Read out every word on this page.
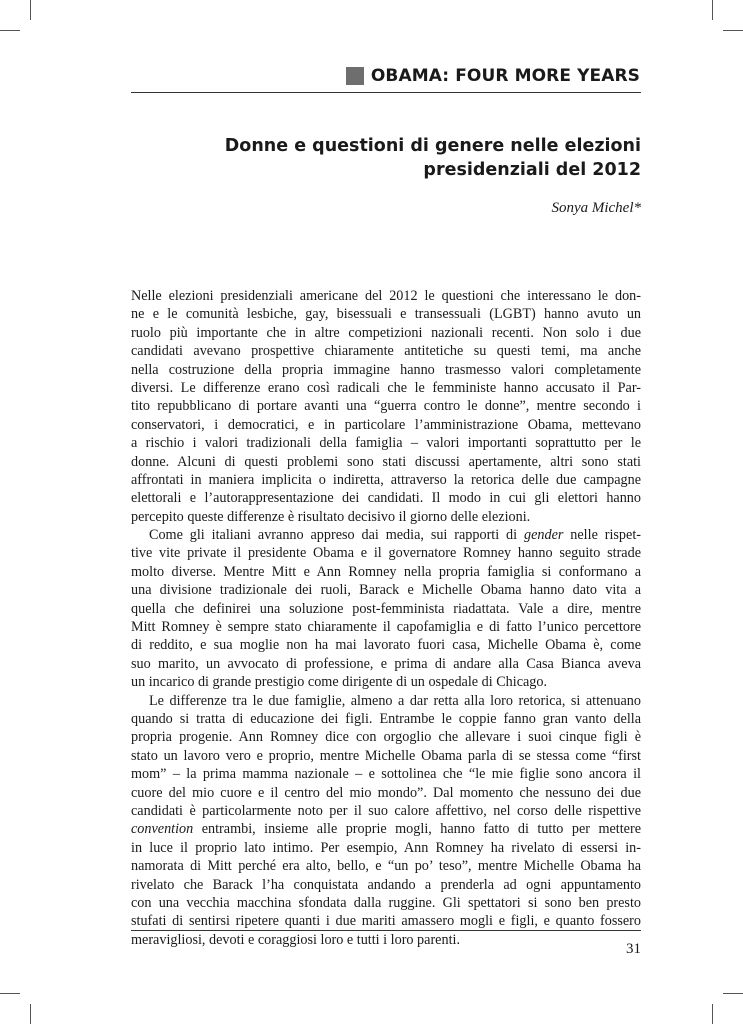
OBAMA: FOUR MORE YEARS
Donne e questioni di genere nelle elezioni
presidenziali del 2012
Sonya Michel*

Nelle elezioni presidenziali americane del 2012 le questioni che interessano le don-
ne e le comunità lesbiche, gay, bisessuali e transessuali (LGBT) hanno avuto un
ruolo più importante che in altre competizioni nazionali recenti. Non solo i due
candidati avevano prospettive chiaramente antitetiche su questi temi, ma anche
nella costruzione della propria immagine hanno trasmesso valori completamente
diversi. Le differenze erano così radicali che le femministe hanno accusato il Par-
tito repubblicano di portare avanti una “guerra contro le donne”, mentre secondo i
conservatori, i democratici, e in particolare l’amministrazione Obama, mettevano
a rischio i valori tradizionali della famiglia – valori importanti soprattutto per le
donne. Alcuni di questi problemi sono stati discussi apertamente, altri sono stati
affrontati in maniera implicita o indiretta, attraverso la retorica delle due campagne
elettorali e l’autorappresentazione dei candidati. Il modo in cui gli elettori hanno
percepito queste differenze è risultato decisivo il giorno delle elezioni.

Come gli italiani avranno appreso dai media, sui rapporti di gender nelle rispet-
tive vite private il presidente Obama e il governatore Romney hanno seguito strade
molto diverse. Mentre Mitt e Ann Romney nella propria famiglia si conformano a
una divisione tradizionale dei ruoli, Barack e Michelle Obama hanno dato vita a
quella che definirei una soluzione post-femminista riadattata. Vale a dire, mentre
Mitt Romney è sempre stato chiaramente il capofamiglia e di fatto l’unico percettore
di reddito, e sua moglie non ha mai lavorato fuori casa, Michelle Obama è, come
suo marito, un avvocato di professione, e prima di andare alla Casa Bianca aveva
un incarico di grande prestigio come dirigente di un ospedale di Chicago.

Le differenze tra le due famiglie, almeno a dar retta alla loro retorica, si attenuano
quando si tratta di educazione dei figli. Entrambe le coppie fanno gran vanto della
propria progenie. Ann Romney dice con orgoglio che allevare i suoi cinque figli è
stato un lavoro vero e proprio, mentre Michelle Obama parla di se stessa come “first
mom” – la prima mamma nazionale – e sottolinea che “le mie figlie sono ancora il
cuore del mio cuore e il centro del mio mondo”. Dal momento che nessuno dei due
candidati è particolarmente noto per il suo calore affettivo, nel corso delle rispettive
convention entrambi, insieme alle proprie mogli, hanno fatto di tutto per mettere
in luce il proprio lato intimo. Per esempio, Ann Romney ha rivelato di essersi in-
namorata di Mitt perché era alto, bello, e “un po’ teso”, mentre Michelle Obama ha
rivelato che Barack l’ha conquistata andando a prenderla ad ogni appuntamento
con una vecchia macchina sfondata dalla ruggine. Gli spettatori si sono ben presto
stufati di sentirsi ripetere quanti i due mariti amassero mogli e figli, e quanto fossero
meravigliosi, devoti e coraggiosi loro e tutti i loro parenti.

31
